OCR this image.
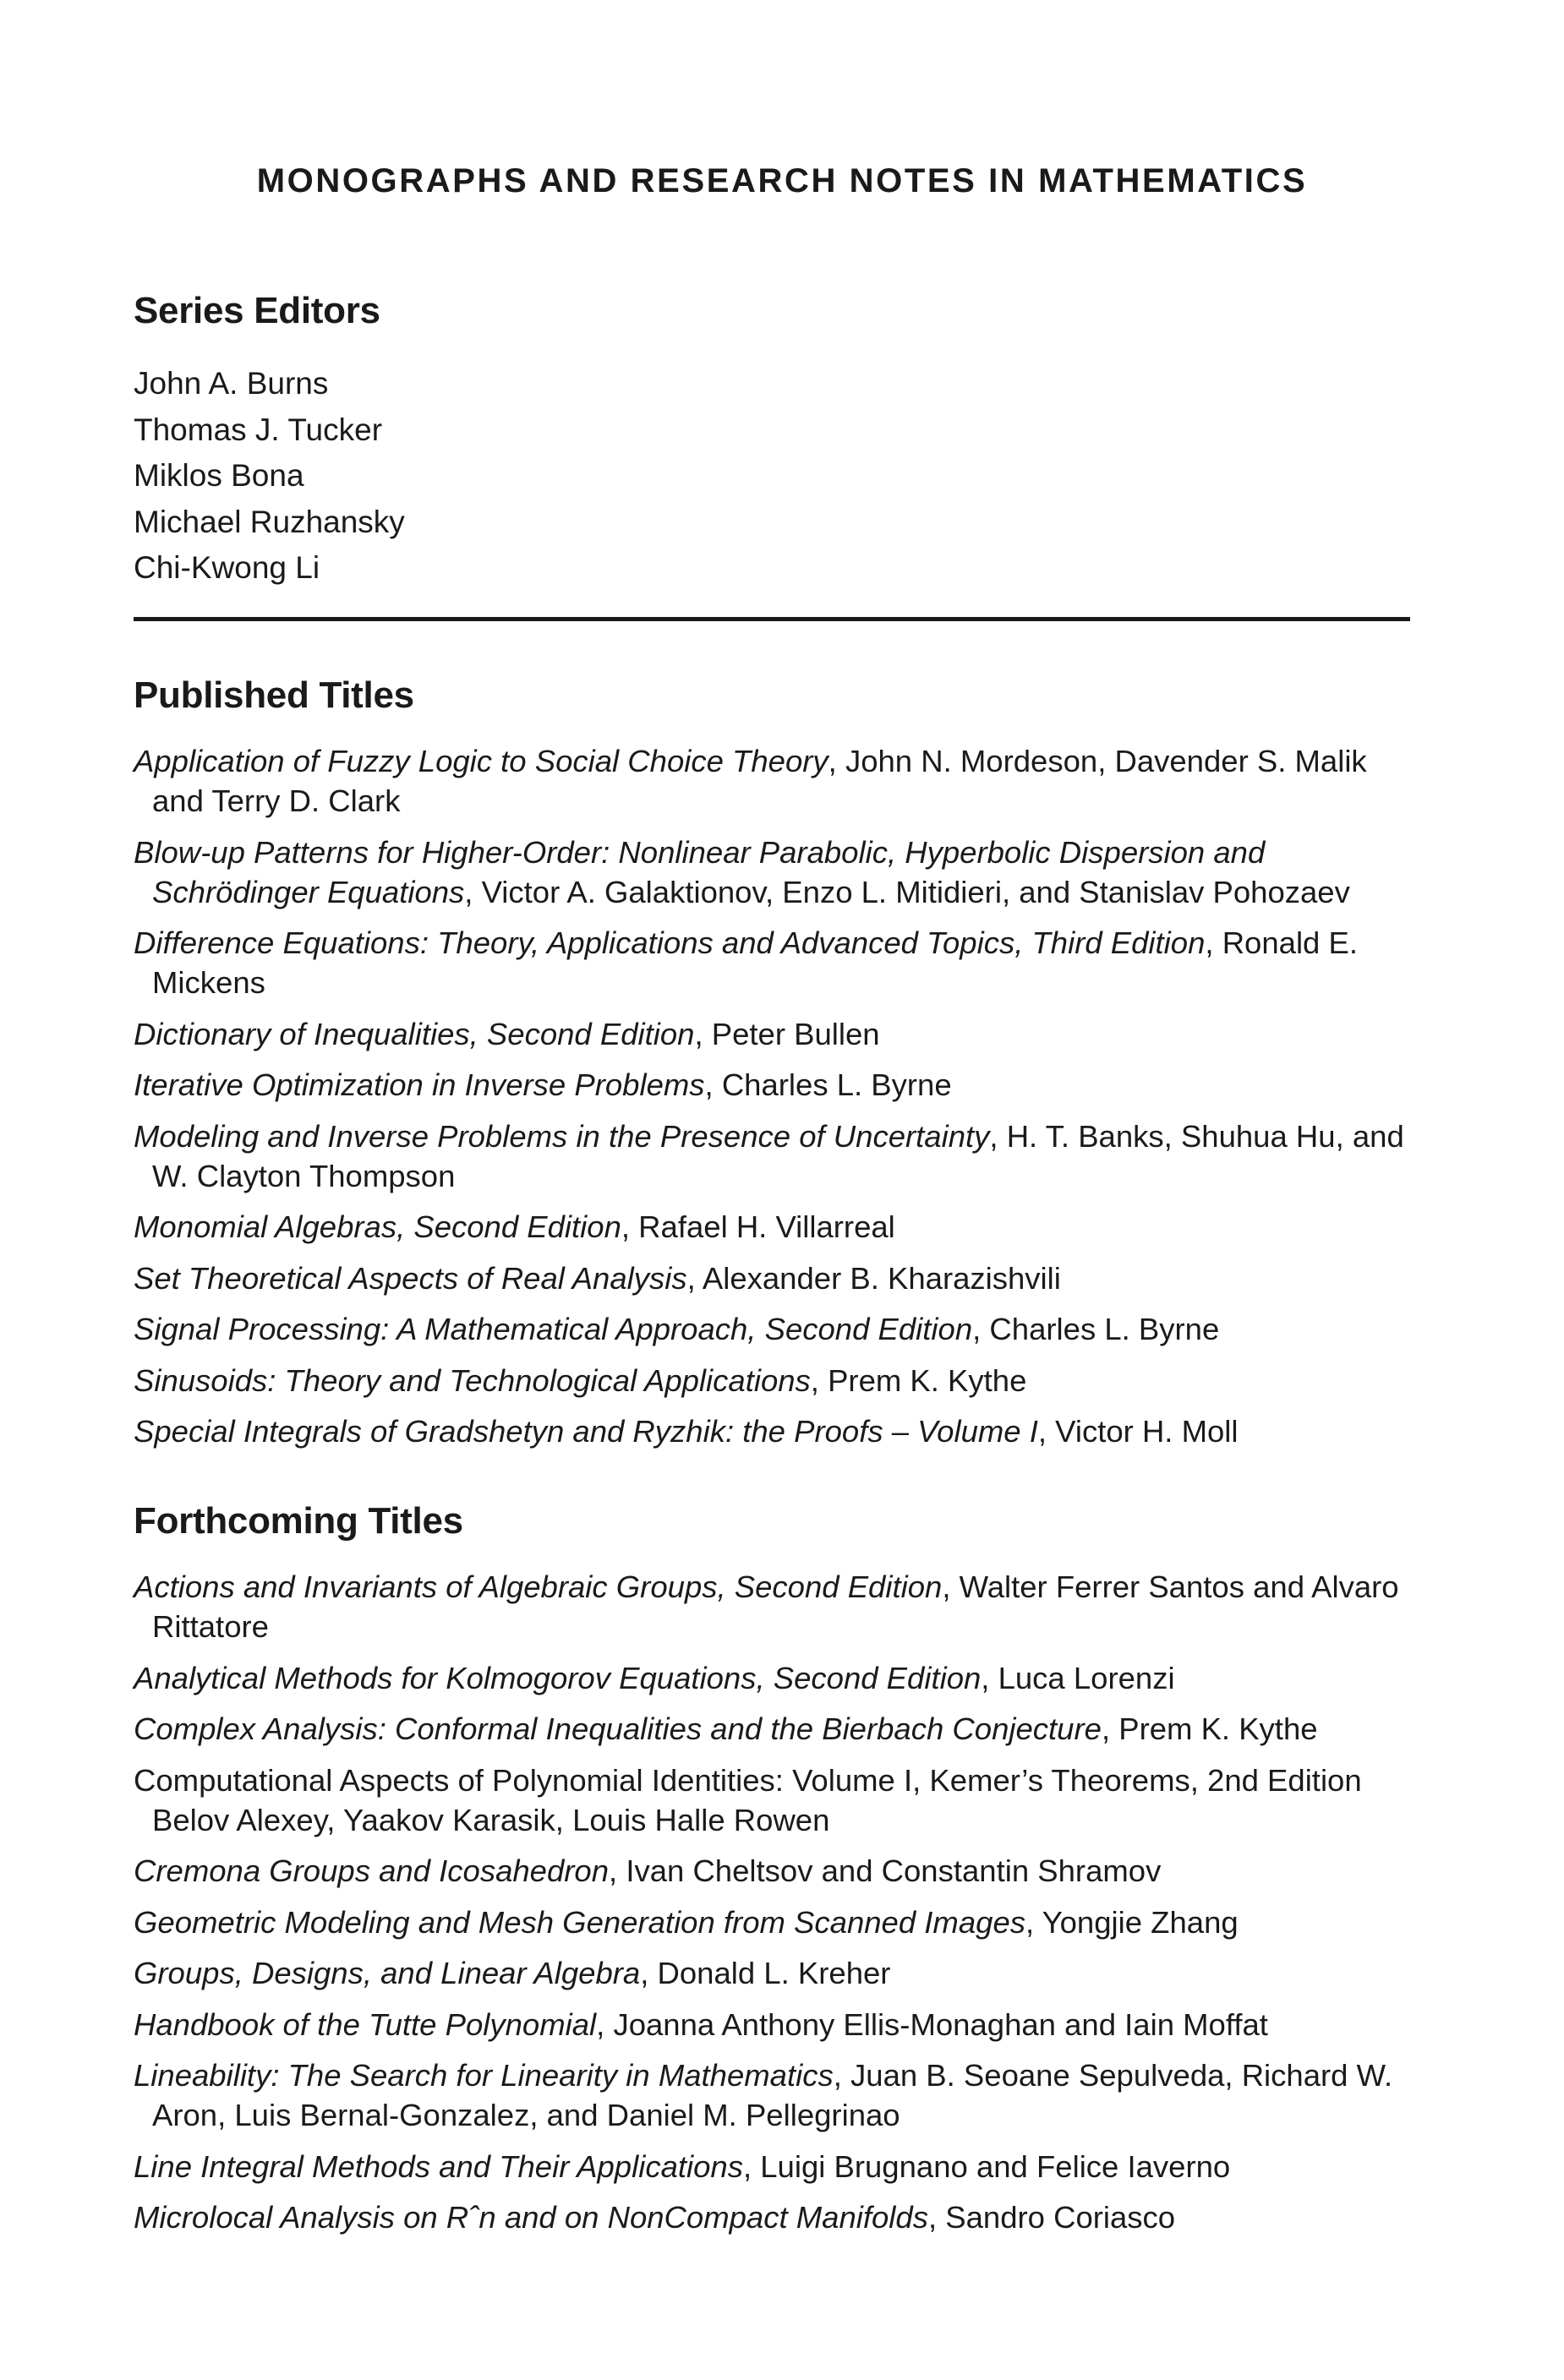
MONOGRAPHS AND RESEARCH NOTES IN MATHEMATICS
Series Editors
John A. Burns
Thomas J. Tucker
Miklos Bona
Michael Ruzhansky
Chi-Kwong Li
Published Titles
Application of Fuzzy Logic to Social Choice Theory, John N. Mordeson, Davender S. Malik and Terry D. Clark
Blow-up Patterns for Higher-Order: Nonlinear Parabolic, Hyperbolic Dispersion and Schrödinger Equations, Victor A. Galaktionov, Enzo L. Mitidieri, and Stanislav Pohozaev
Difference Equations: Theory, Applications and Advanced Topics, Third Edition, Ronald E. Mickens
Dictionary of Inequalities, Second Edition, Peter Bullen
Iterative Optimization in Inverse Problems, Charles L. Byrne
Modeling and Inverse Problems in the Presence of Uncertainty, H. T. Banks, Shuhua Hu, and W. Clayton Thompson
Monomial Algebras, Second Edition, Rafael H. Villarreal
Set Theoretical Aspects of Real Analysis, Alexander B. Kharazishvili
Signal Processing: A Mathematical Approach, Second Edition, Charles L. Byrne
Sinusoids: Theory and Technological Applications, Prem K. Kythe
Special Integrals of Gradshetyn and Ryzhik: the Proofs – Volume I, Victor H. Moll
Forthcoming Titles
Actions and Invariants of Algebraic Groups, Second Edition, Walter Ferrer Santos and Alvaro Rittatore
Analytical Methods for Kolmogorov Equations, Second Edition, Luca Lorenzi
Complex Analysis: Conformal Inequalities and the Bierbach Conjecture, Prem K. Kythe
Computational Aspects of Polynomial Identities: Volume I, Kemer’s Theorems, 2nd Edition Belov Alexey, Yaakov Karasik, Louis Halle Rowen
Cremona Groups and Icosahedron, Ivan Cheltsov and Constantin Shramov
Geometric Modeling and Mesh Generation from Scanned Images, Yongjie Zhang
Groups, Designs, and Linear Algebra, Donald L. Kreher
Handbook of the Tutte Polynomial, Joanna Anthony Ellis-Monaghan and Iain Moffat
Lineability: The Search for Linearity in Mathematics, Juan B. Seoane Sepulveda, Richard W. Aron, Luis Bernal-Gonzalez, and Daniel M. Pellegrinao
Line Integral Methods and Their Applications, Luigi Brugnano and Felice Iaverno
Microlocal Analysis on Rˆn and on NonCompact Manifolds, Sandro Coriasco
